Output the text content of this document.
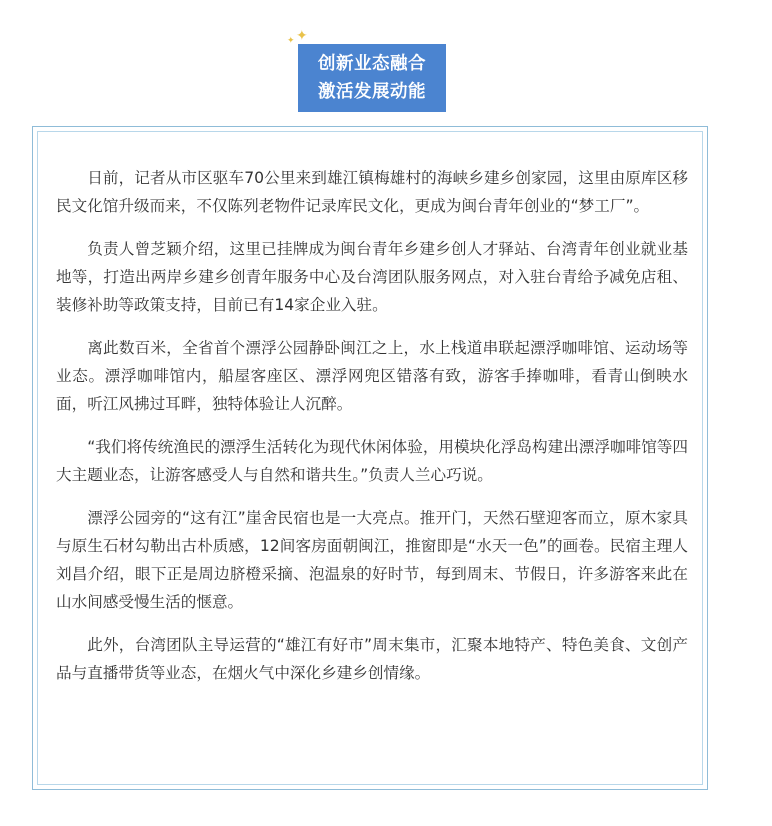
✦
✦
创新业态融合
激活发展动能

日前，记者从市区驱车70公里来到雄江镇梅雄村的海峡乡建乡创家园，这里由原库区移民文化馆升级而来，不仅陈列老物件记录库民文化，更成为闽台青年创业的“梦工厂”。

负责人曾芝颖介绍，这里已挂牌成为闽台青年乡建乡创人才驿站、台湾青年创业就业基地等，打造出两岸乡建乡创青年服务中心及台湾团队服务网点，对入驻台青给予减免店租、装修补助等政策支持，目前已有14家企业入驻。

离此数百米，全省首个漂浮公园静卧闽江之上，水上栈道串联起漂浮咖啡馆、运动场等业态。漂浮咖啡馆内，船屋客座区、漂浮网兜区错落有致，游客手捧咖啡，看青山倒映水面，听江风拂过耳畔，独特体验让人沉醉。

“我们将传统渔民的漂浮生活转化为现代休闲体验，用模块化浮岛构建出漂浮咖啡馆等四大主题业态，让游客感受人与自然和谐共生。”负责人兰心巧说。

漂浮公园旁的“这有江”崖舍民宿也是一大亮点。推开门，天然石壁迎客而立，原木家具与原生石材勾勒出古朴质感，12间客房面朝闽江，推窗即是“水天一色”的画卷。民宿主理人刘昌介绍，眼下正是周边脐橙采摘、泡温泉的好时节，每到周末、节假日，许多游客来此在山水间感受慢生活的惬意。

此外，台湾团队主导运营的“雄江有好市”周末集市，汇聚本地特产、特色美食、文创产品与直播带货等业态，在烟火气中深化乡建乡创情缘。
